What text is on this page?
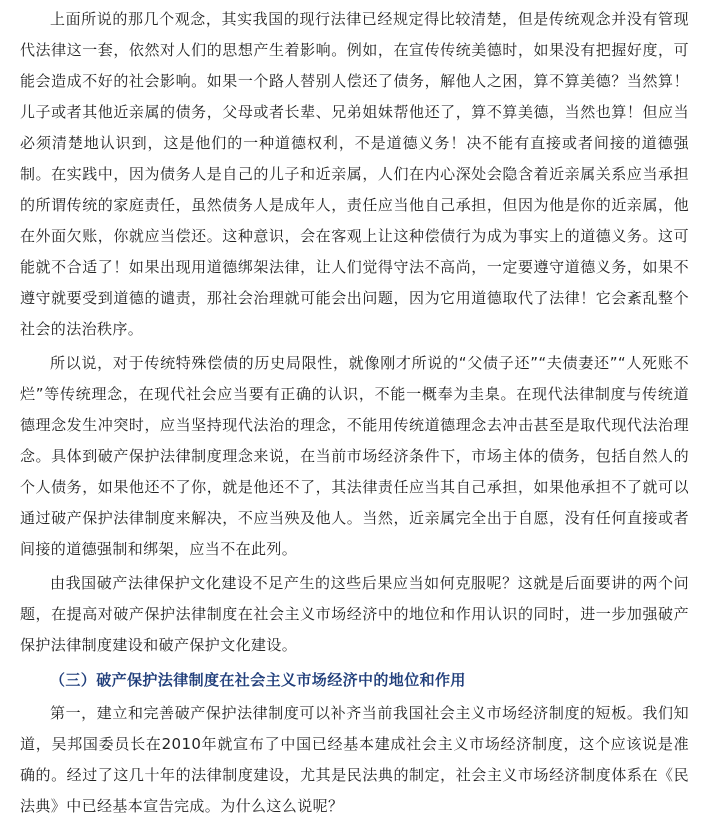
上面所说的那几个观念，其实我国的现行法律已经规定得比较清楚，但是传统观念并没有管现代法律这一套，依然对人们的思想产生着影响。例如，在宣传传统美德时，如果没有把握好度，可能会造成不好的社会影响。如果一个路人替别人偿还了债务，解他人之困，算不算美德？当然算！儿子或者其他近亲属的债务，父母或者长辈、兄弟姐妹帮他还了，算不算美德，当然也算！但应当必须清楚地认识到，这是他们的一种道德权利，不是道德义务！决不能有直接或者间接的道德强制。在实践中，因为债务人是自己的儿子和近亲属，人们在内心深处会隐含着近亲属关系应当承担的所谓传统的家庭责任，虽然债务人是成年人，责任应当他自己承担，但因为他是你的近亲属，他在外面欠账，你就应当偿还。这种意识，会在客观上让这种偿债行为成为事实上的道德义务。这可能就不合适了！如果出现用道德绑架法律，让人们觉得守法不高尚，一定要遵守道德义务，如果不遵守就要受到道德的谴责，那社会治理就可能会出问题，因为它用道德取代了法律！它会紊乱整个社会的法治秩序。

所以说，对于传统特殊偿债的历史局限性，就像刚才所说的“父债子还”“夫债妻还”“人死账不烂”等传统理念，在现代社会应当要有正确的认识，不能一概奉为圭臬。在现代法律制度与传统道德理念发生冲突时，应当坚持现代法治的理念，不能用传统道德理念去冲击甚至是取代现代法治理念。具体到破产保护法律制度理念来说，在当前市场经济条件下，市场主体的债务，包括自然人的个人债务，如果他还不了你，就是他还不了，其法律责任应当其自己承担，如果他承担不了就可以通过破产保护法律制度来解决，不应当殃及他人。当然，近亲属完全出于自愿，没有任何直接或者间接的道德强制和绑架，应当不在此列。

由我国破产法律保护文化建设不足产生的这些后果应当如何克服呢？这就是后面要讲的两个问题，在提高对破产保护法律制度在社会主义市场经济中的地位和作用认识的同时，进一步加强破产保护法律制度建设和破产保护文化建设。

（三）破产保护法律制度在社会主义市场经济中的地位和作用

第一，建立和完善破产保护法律制度可以补齐当前我国社会主义市场经济制度的短板。我们知道，吴邦国委员长在2010年就宣布了中国已经基本建成社会主义市场经济制度，这个应该说是准确的。经过了这几十年的法律制度建设，尤其是民法典的制定，社会主义市场经济制度体系在《民法典》中已经基本宣告完成。为什么这么说呢？
